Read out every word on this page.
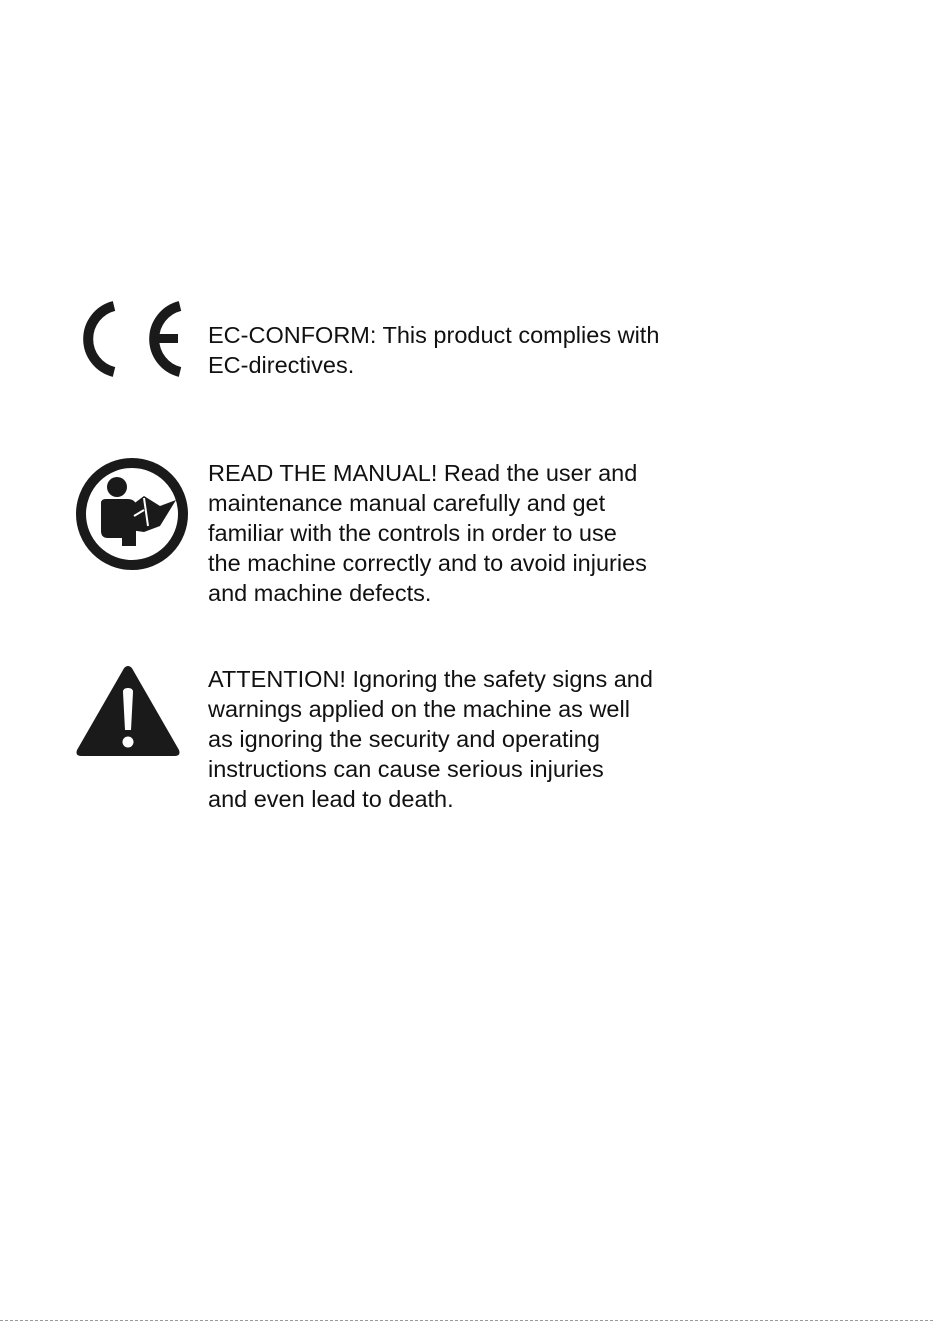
EC-CONFORM: This product complies with
EC-directives.
READ THE MANUAL! Read the user and
maintenance manual carefully and get
familiar with the controls in order to use
the machine correctly and to avoid injuries
and machine defects.
ATTENTION! Ignoring the safety signs and
warnings applied on the machine as well
as ignoring the security and operating
instructions can cause serious injuries
and even lead to death.
